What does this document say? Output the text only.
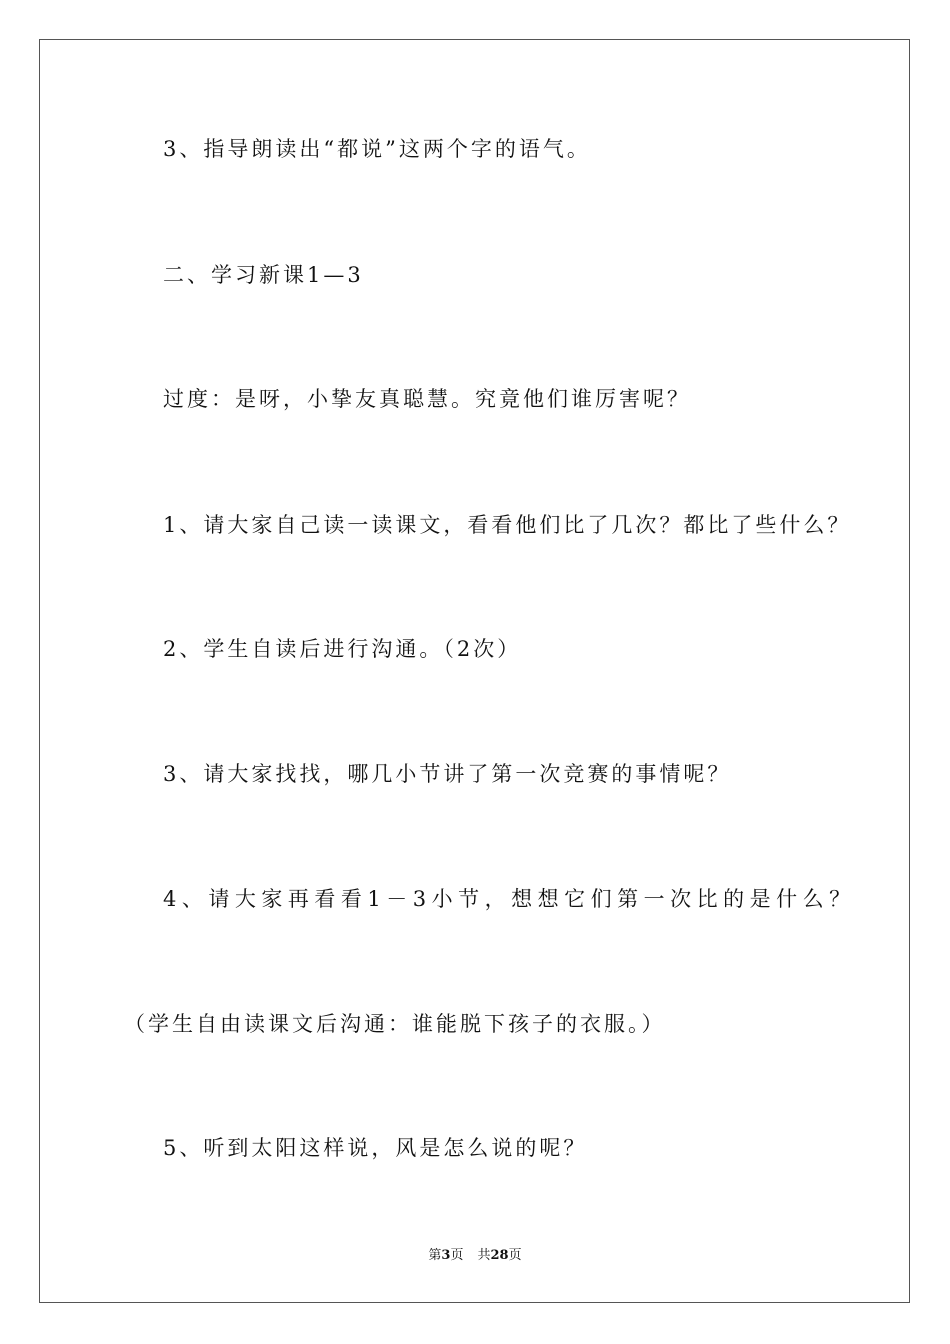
3、指导朗读出“都说”这两个字的语气。
二、学习新课1—3
过度：是呀，小挚友真聪慧。究竟他们谁厉害呢？
1、请大家自己读一读课文，看看他们比了几次？都比了些什么？
2、学生自读后进行沟通。（2次）
3、请大家找找，哪几小节讲了第一次竞赛的事情呢？
4、请大家再看看1－3小节，想想它们第一次比的是什么？
（学生自由读课文后沟通：谁能脱下孩子的衣服。）
5、听到太阳这样说，风是怎么说的呢？
第3页 共28页
